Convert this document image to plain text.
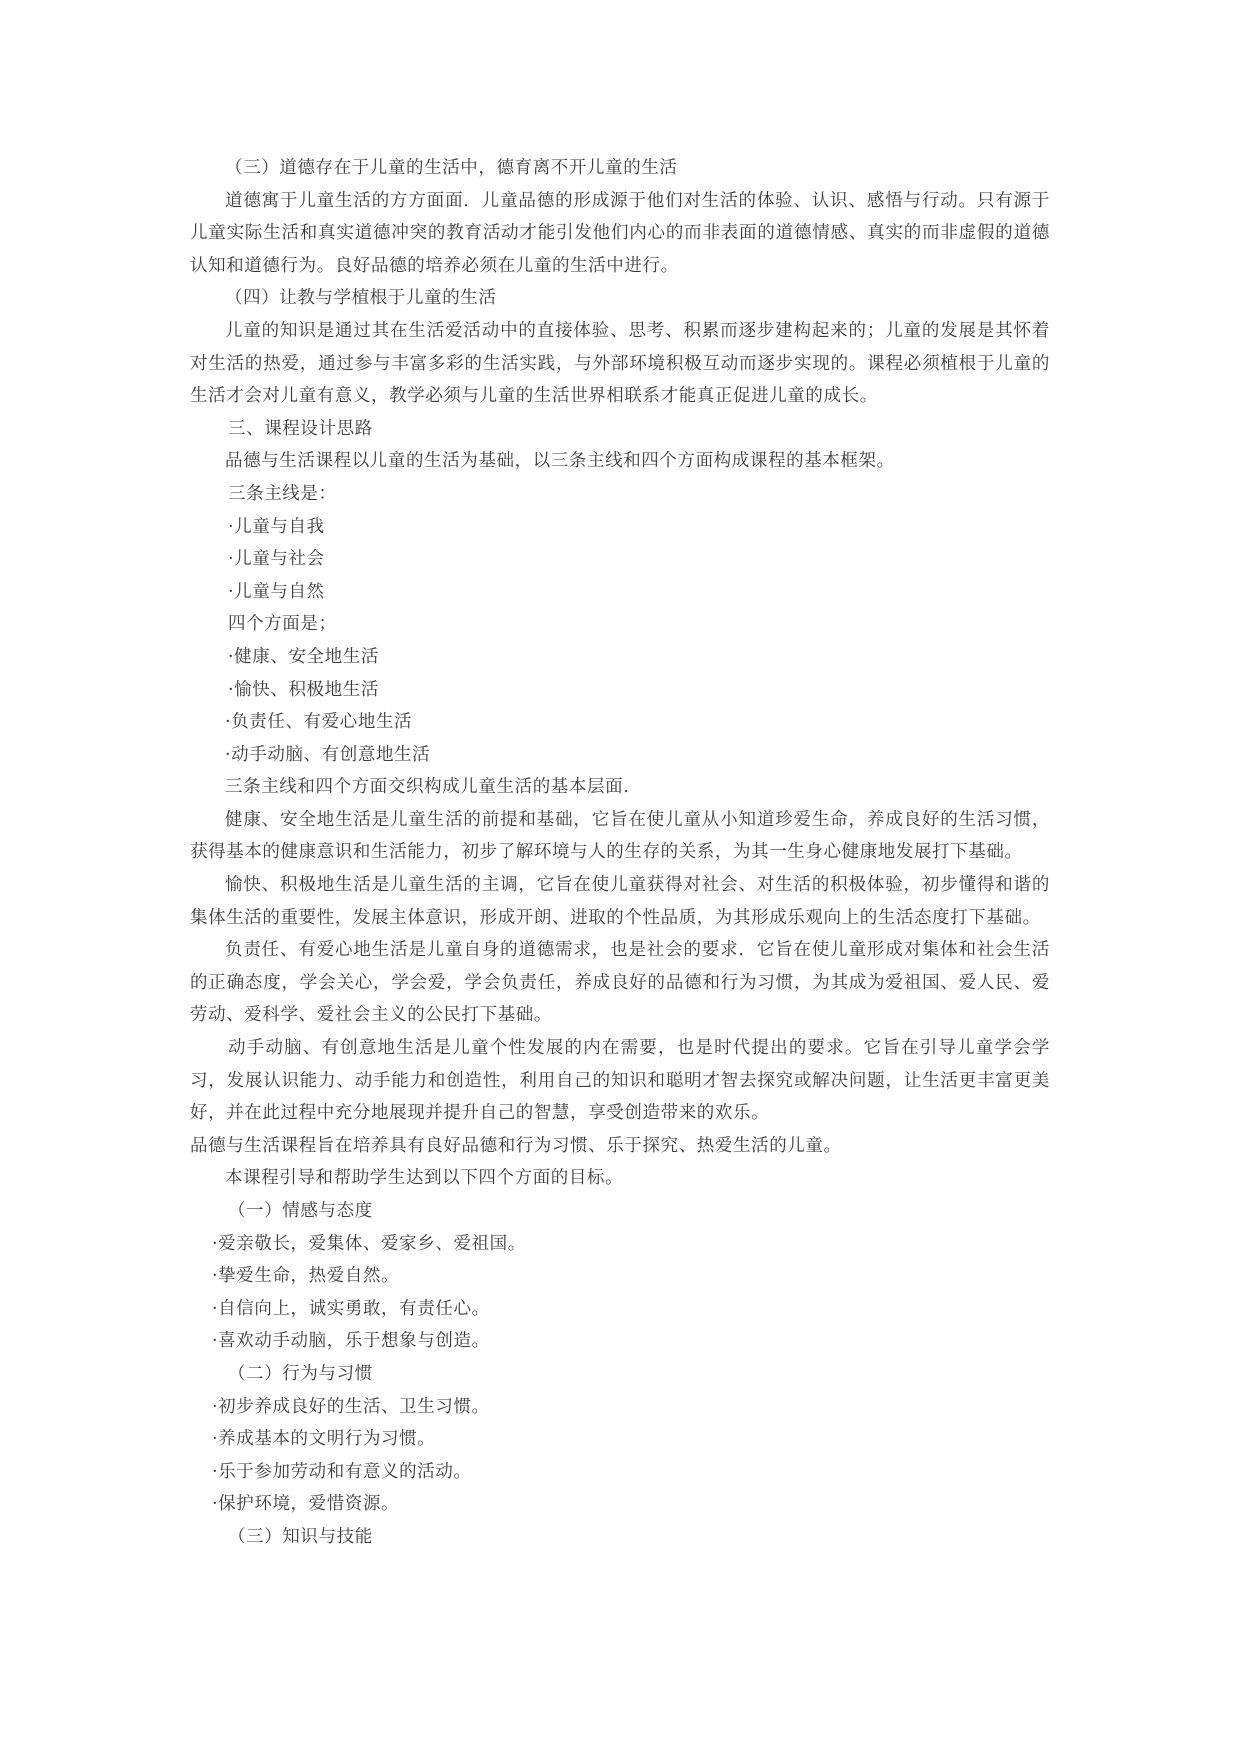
（三）道德存在于儿童的生活中，德育离不开儿童的生活

道德寓于儿童生活的方方面面．儿童品德的形成源于他们对生活的体验、认识、感悟与行动。只有源于儿童实际生活和真实道德冲突的教育活动才能引发他们内心的而非表面的道德情感、真实的而非虚假的道德认知和道德行为。良好品德的培养必须在儿童的生活中进行。

（四）让教与学植根于儿童的生活

儿童的知识是通过其在生活爱活动中的直接体验、思考、积累而逐步建构起来的；儿童的发展是其怀着对生活的热爱，通过参与丰富多彩的生活实践，与外部环境积极互动而逐步实现的。课程必须植根于儿童的生活才会对儿童有意义，教学必须与儿童的生活世界相联系才能真正促进儿童的成长。

三、课程设计思路

品德与生活课程以儿童的生活为基础，以三条主线和四个方面构成课程的基本框架。

三条主线是：

·儿童与自我

·儿童与社会

·儿童与自然

四个方面是；

·健康、安全地生活

·愉快、积极地生活

·负责任、有爱心地生活

·动手动脑、有创意地生活

三条主线和四个方面交织构成儿童生活的基本层面.

健康、安全地生活是儿童生活的前提和基础，它旨在使儿童从小知道珍爱生命，养成良好的生活习惯，获得基本的健康意识和生活能力，初步了解环境与人的生存的关系，为其一生身心健康地发展打下基础。

愉快、积极地生活是儿童生活的主调，它旨在使儿童获得对社会、对生活的积极体验，初步懂得和谐的集体生活的重要性，发展主体意识，形成开朗、进取的个性品质，为其形成乐观向上的生活态度打下基础。

负责任、有爱心地生活是儿童自身的道德需求，也是社会的要求．它旨在使儿童形成对集体和社会生活的正确态度，学会关心，学会爱，学会负责任，养成良好的品德和行为习惯，为其成为爱祖国、爱人民、爱劳动、爱科学、爱社会主义的公民打下基础。

动手动脑、有创意地生活是儿童个性发展的内在需要，也是时代提出的要求。它旨在引导儿童学会学习，发展认识能力、动手能力和创造性，利用自己的知识和聪明才智去探究或解决问题，让生活更丰富更美好，并在此过程中充分地展现并提升自己的智慧，享受创造带来的欢乐。

品德与生活课程旨在培养具有良好品德和行为习惯、乐于探究、热爱生活的儿童。

本课程引导和帮助学生达到以下四个方面的目标。

（一）情感与态度

·爱亲敬长，爱集体、爱家乡、爱祖国。

·挚爱生命，热爱自然。

·自信向上，诚实勇敢，有责任心。

·喜欢动手动脑，乐于想象与创造。

（二）行为与习惯

·初步养成良好的生活、卫生习惯。

·养成基本的文明行为习惯。

·乐于参加劳动和有意义的活动。

·保护环境，爱惜资源。

（三）知识与技能
